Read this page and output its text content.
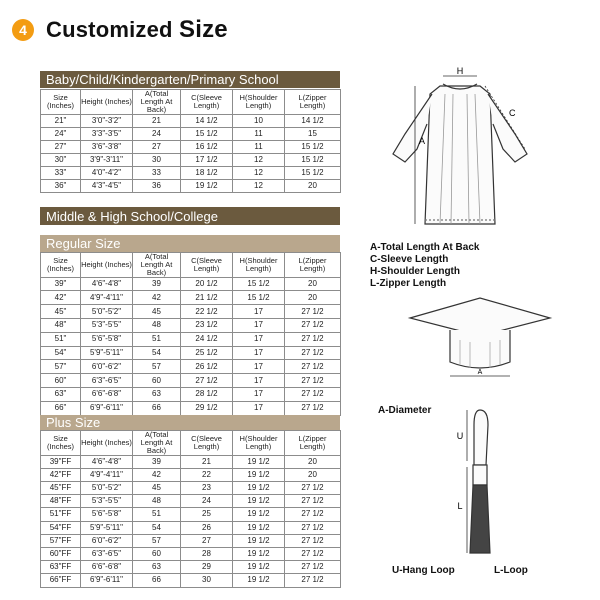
4 Customized Size
Baby/Child/Kindergarten/Primary School
Size (Inches)	Height (Inches)	A(Total Length At Back)	C(Sleeve Length)	H(Shoulder Length)	L(Zipper Length)
21"	3'0"-3'2"	21	14 1/2	10	14 1/2
24"	3'3"-3'5"	24	15 1/2	11	15
27"	3'6"-3'8"	27	16 1/2	11	15 1/2
30"	3'9"-3'11"	30	17 1/2	12	15 1/2
33"	4'0"-4'2"	33	18 1/2	12	15 1/2
36"	4'3"-4'5"	36	19 1/2	12	20
Middle & High School/College
Regular Size
Size (Inches)	Height (Inches)	A(Total Length At Back)	C(Sleeve Length)	H(Shoulder Length)	L(Zipper Length)
39"	4'6"-4'8"	39	20 1/2	15 1/2	20
42"	4'9"-4'11"	42	21 1/2	15 1/2	20
45"	5'0"-5'2"	45	22 1/2	17	27 1/2
48"	5'3"-5'5"	48	23 1/2	17	27 1/2
51"	5'6"-5'8"	51	24 1/2	17	27 1/2
54"	5'9"-5'11"	54	25 1/2	17	27 1/2
57"	6'0"-6'2"	57	26 1/2	17	27 1/2
60"	6'3"-6'5"	60	27 1/2	17	27 1/2
63"	6'6"-6'8"	63	28 1/2	17	27 1/2
66"	6'9"-6'11"	66	29 1/2	17	27 1/2
Plus Size
Size (Inches)	Height (Inches)	A(Total Length At Back)	C(Sleeve Length)	H(Shoulder Length)	L(Zipper Length)
39"FF	4'6"-4'8"	39	21	19 1/2	20
42"FF	4'9"-4'11"	42	22	19 1/2	20
45"FF	5'0"-5'2"	45	23	19 1/2	27 1/2
48"FF	5'3"-5'5"	48	24	19 1/2	27 1/2
51"FF	5'6"-5'8"	51	25	19 1/2	27 1/2
54"FF	5'9"-5'11"	54	26	19 1/2	27 1/2
57"FF	6'0"-6'2"	57	27	19 1/2	27 1/2
60"FF	6'3"-6'5"	60	28	19 1/2	27 1/2
63"FF	6'6"-6'8"	63	29	19 1/2	27 1/2
66"FF	6'9"-6'11"	66	30	19 1/2	27 1/2
H
C
A
A-Total Length At Back
C-Sleeve Length
H-Shoulder Length
L-Zipper Length
A
A-Diameter
U
L
U-Hang Loop	L-Loop
